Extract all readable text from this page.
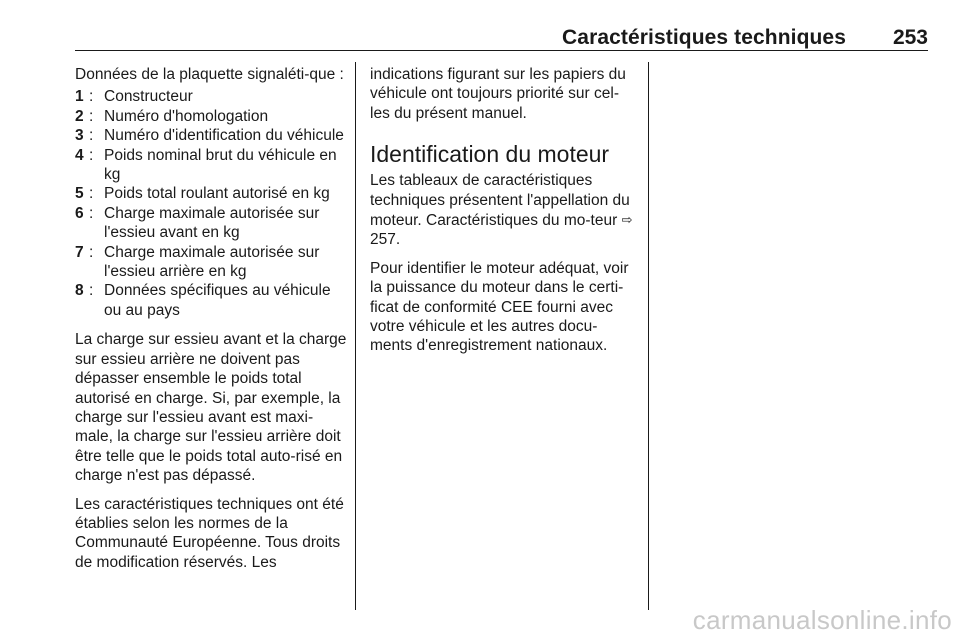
Caractéristiques techniques 253

Données de la plaquette signaléti-que :

1 : Constructeur
2 : Numéro d'homologation
3 : Numéro d'identification du véhicule
4 : Poids nominal brut du véhicule en kg
5 : Poids total roulant autorisé en kg
6 : Charge maximale autorisée sur l'essieu avant en kg
7 : Charge maximale autorisée sur l'essieu arrière en kg
8 : Données spécifiques au véhicule ou au pays

La charge sur essieu avant et la charge sur essieu arrière ne doivent pas dépasser ensemble le poids total autorisé en charge. Si, par exemple, la charge sur l'essieu avant est maxi-male, la charge sur l'essieu arrière doit être telle que le poids total auto-risé en charge n'est pas dépassé.

Les caractéristiques techniques ont été établies selon les normes de la Communauté Européenne. Tous droits de modification réservés. Les

indications figurant sur les papiers du véhicule ont toujours priorité sur cel-les du présent manuel.

Identification du moteur

Les tableaux de caractéristiques techniques présentent l'appellation du moteur. Caractéristiques du mo-teur ⇨257.

Pour identifier le moteur adéquat, voir la puissance du moteur dans le certi-ficat de conformité CEE fourni avec votre véhicule et les autres docu-ments d'enregistrement nationaux.

carmanualsonline.info
